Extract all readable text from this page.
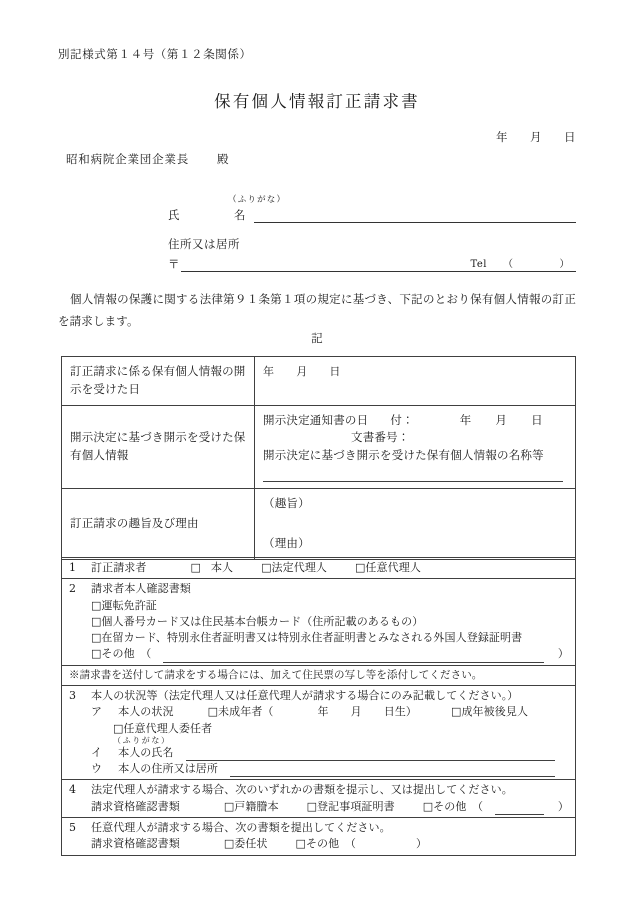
別記様式第１４号（第１２条関係）
保有個人情報訂正請求書
年 月 日
昭和病院企業団企業長 殿
（ふりがな）
氏	名
住所又は居所
〒	Tel （	）
個人情報の保護に関する法律第９１条第１項の規定に基づき、下記のとおり保有個人情報の訂正を請求します。
記
訂正請求に係る保有個人情報の開示を受けた日	年 月 日
開示決定に基づき開示を受けた保有個人情報	開示決定通知書の日 付： 年 月 日
文書番号：
開示決定に基づき開示を受けた保有個人情報の名称等

訂正請求の趣旨及び理由	（趣旨）
（理由）
1 訂正請求者	□ 本人	□法定代理人	□任意代理人

2 請求者本人確認書類
□運転免許証
□個人番号カード又は住民基本台帳カード（住所記載のあるもの）
□在留カード、特別永住者証明書又は特別永住者証明書とみなされる外国人登録証明書
□その他　（	）

※請求書を送付して請求をする場合には、加えて住民票の写し等を添付してください。

3 本人の状況等（法定代理人又は任意代理人が請求する場合にのみ記載してください。）
ア 本人の状況	□未成年者（	年 月 日生）	□成年被後見人
□任意代理人委任者
（ふりがな）
イ 本人の氏名
ウ 本人の住所又は居所

4 法定代理人が請求する場合、次のいずれかの書類を提示し、又は提出してください。
請求資格確認書類	□戸籍謄本	□登記事項証明書	□その他　（	）

5 任意代理人が請求する場合、次の書類を提出してください。
請求資格確認書類	□委任状	□その他　（	）
